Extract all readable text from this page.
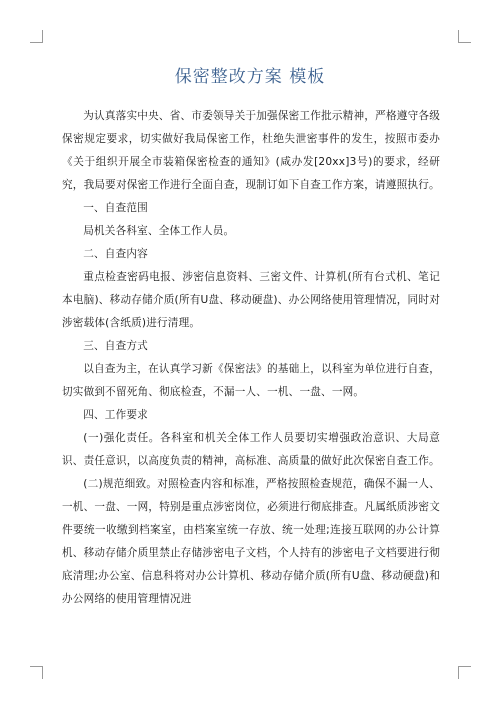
保密整改方案 模板

为认真落实中央、省、市委领导关于加强保密工作批示精神，严格遵守各级保密规定要求，切实做好我局保密工作，杜绝失泄密事件的发生，按照市委办《关于组织开展全市装箱保密检查的通知》(咸办发[20xx]3号)的要求，经研究，我局要对保密工作进行全面自查，现制订如下自查工作方案，请遵照执行。

一、自查范围

局机关各科室、全体工作人员。

二、自查内容

重点检查密码电报、涉密信息资料、三密文件、计算机(所有台式机、笔记本电脑)、移动存储介质(所有U盘、移动硬盘)、办公网络使用管理情况，同时对涉密载体(含纸质)进行清理。

三、自查方式

以自查为主，在认真学习新《保密法》的基础上，以科室为单位进行自查，切实做到不留死角、彻底检查，不漏一人、一机、一盘、一网。

四、工作要求

(一)强化责任。各科室和机关全体工作人员要切实增强政治意识、大局意识、责任意识，以高度负责的精神，高标准、高质量的做好此次保密自查工作。

(二)规范细致。对照检查内容和标准，严格按照检查规范，确保不漏一人、一机、一盘、一网，特别是重点涉密岗位，必须进行彻底排查。凡属纸质涉密文件要统一收缴到档案室，由档案室统一存放、统一处理;连接互联网的办公计算机、移动存储介质里禁止存储涉密电子文档，个人持有的涉密电子文档要进行彻底清理;办公室、信息科将对办公计算机、移动存储介质(所有U盘、移动硬盘)和办公网络的使用管理情况进
